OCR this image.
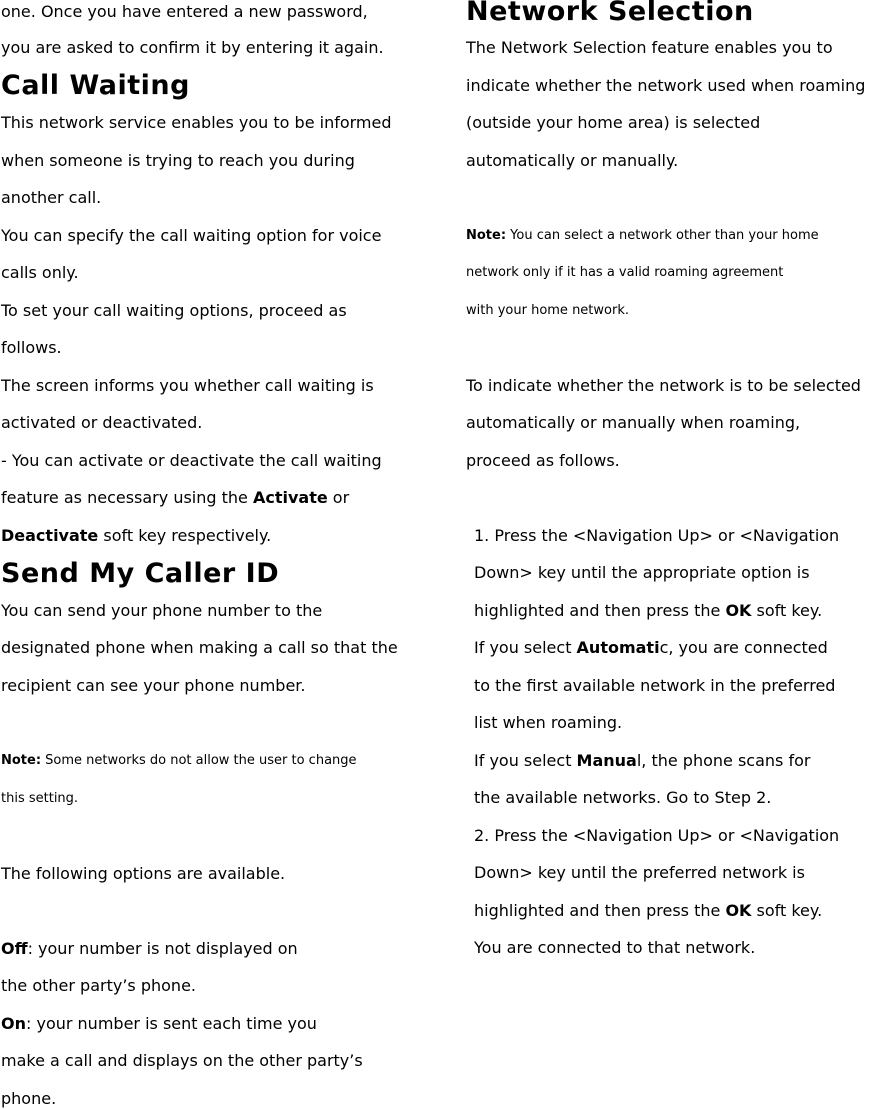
one. Once you have entered a new password,
you are asked to confirm it by entering it again.
Call Waiting
This network service enables you to be informed
when someone is trying to reach you during
another call.
You can specify the call waiting option for voice
calls only.
To set your call waiting options, proceed as
follows.
The screen informs you whether call waiting is
activated or deactivated.
- You can activate or deactivate the call waiting
feature as necessary using the Activate or
Deactivate soft key respectively.
Send My Caller ID
You can send your phone number to the
designated phone when making a call so that the
recipient can see your phone number.
Note: Some networks do not allow the user to change
this setting.
The following options are available.
Off: your number is not displayed on
the other party’s phone.
On: your number is sent each time you
make a call and displays on the other party’s
phone.
Network Selection
The Network Selection feature enables you to
indicate whether the network used when roaming
(outside your home area) is selected
automatically or manually.
Note: You can select a network other than your home
network only if it has a valid roaming agreement
with your home network.
To indicate whether the network is to be selected
automatically or manually when roaming,
proceed as follows.
1. Press the <Navigation Up> or <Navigation
Down> key until the appropriate option is
highlighted and then press the OK soft key.
If you select Automatic, you are connected
to the first available network in the preferred
list when roaming.
If you select Manual, the phone scans for
the available networks. Go to Step 2.
2. Press the <Navigation Up> or <Navigation
Down> key until the preferred network is
highlighted and then press the OK soft key.
You are connected to that network.
